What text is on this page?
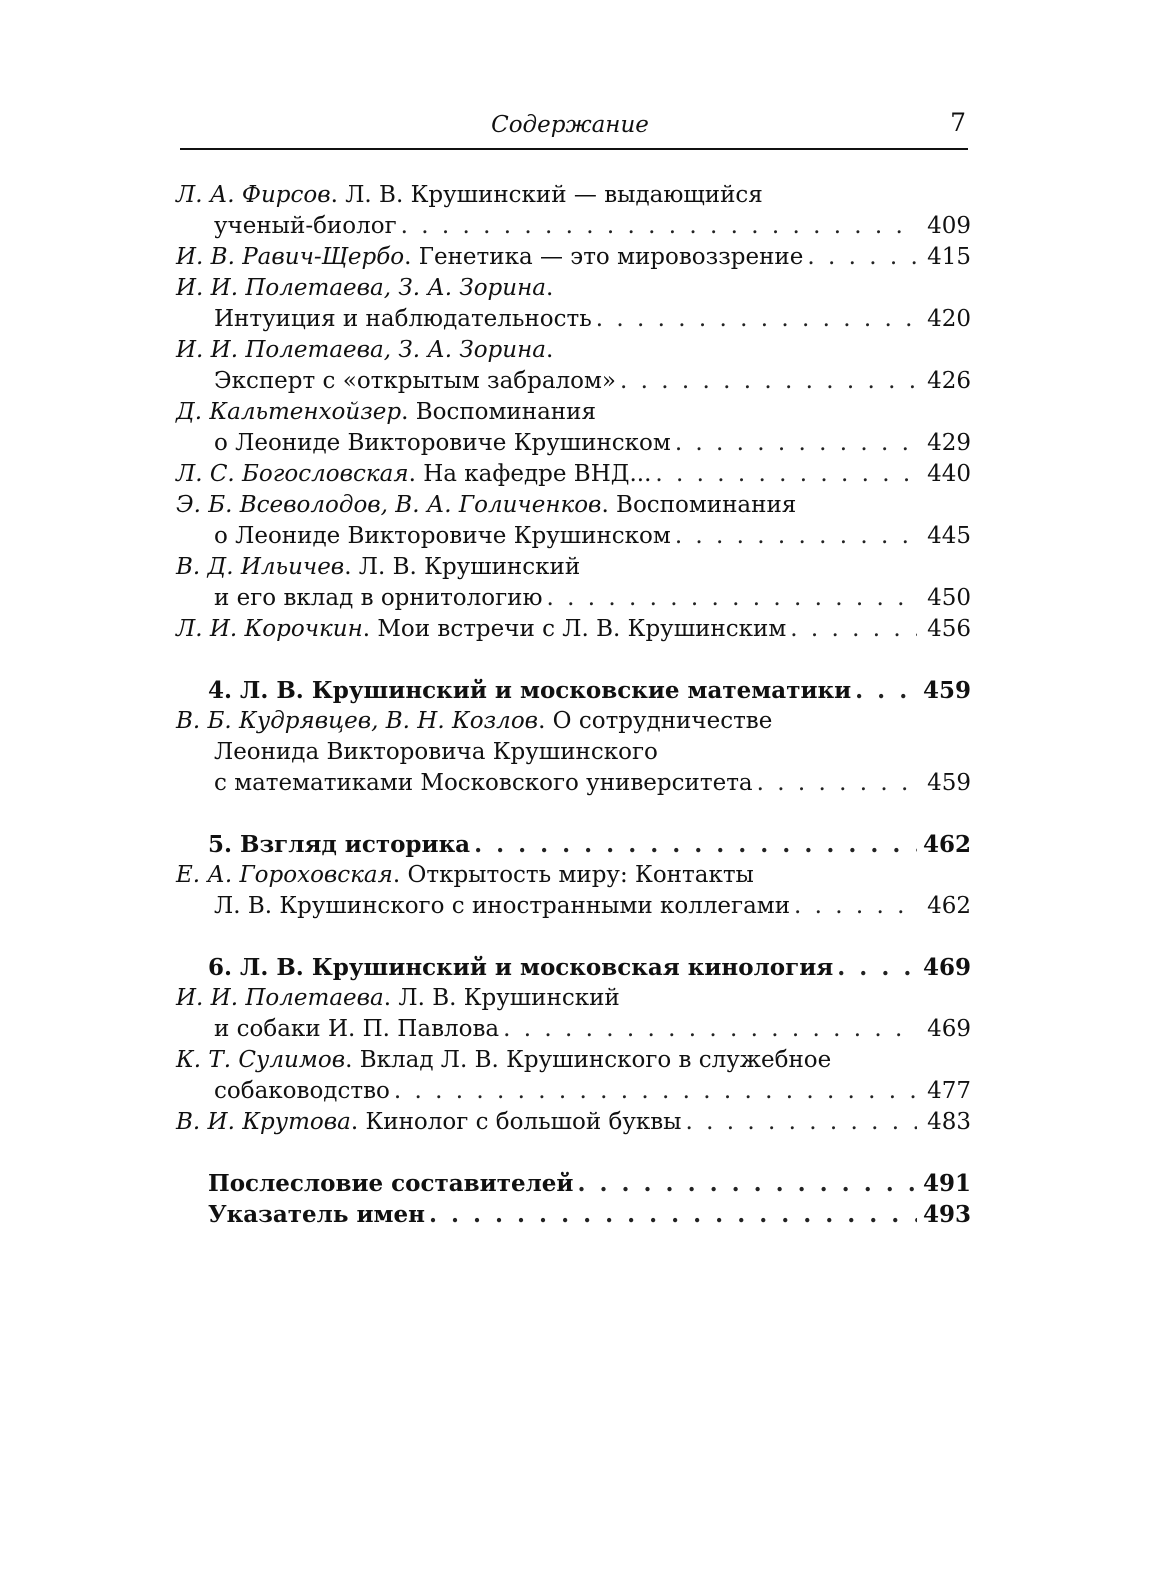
Содержание	7
Л. А. Фирсов . Л. В. Крушинский — выдающийся
ученый-биолог . . .	409
И. В. Равич-Щербо . Генетика — это мировоззрение . . .	415
И. И. Полетаева, З. А. Зорина .
Интуиция и наблюдательность . . .	420
И. И. Полетаева, З. А. Зорина .
Эксперт с «открытым забралом» . . .	426
Д. Кальтенхойзер . Воспоминания
о Леониде Викторовиче Крушинском . . .	429
Л. С. Богословская . На кафедре ВНД... . . .	440
Э. Б. Всеволодов, В. А. Голиченков . Воспоминания
о Леониде Викторовиче Крушинском . . .	445
В. Д. Ильичев . Л. В. Крушинский
и его вклад в орнитологию . . .	450
Л. И. Корочкин . Мои встречи с Л. В. Крушинским . . .	456
4. Л. В. Крушинский и московские математики . . .	459
В. Б. Кудрявцев, В. Н. Козлов . О сотрудничестве
Леонида Викторовича Крушинского
с математиками Московского университета . . .	459
5. Взгляд историка . . .	462
Е. А. Гороховская . Открытость миру: Контакты
Л. В. Крушинского с иностранными коллегами . . .	462
6. Л. В. Крушинский и московская кинология . . .	469
И. И. Полетаева . Л. В. Крушинский
и собаки И. П. Павлова . . .	469
К. Т. Сулимов . Вклад Л. В. Крушинского в служебное
собаководство . . .	477
В. И. Крутова . Кинолог с большой буквы . . .	483
Послесловие составителей . . .	491
Указатель имен . . .	493
